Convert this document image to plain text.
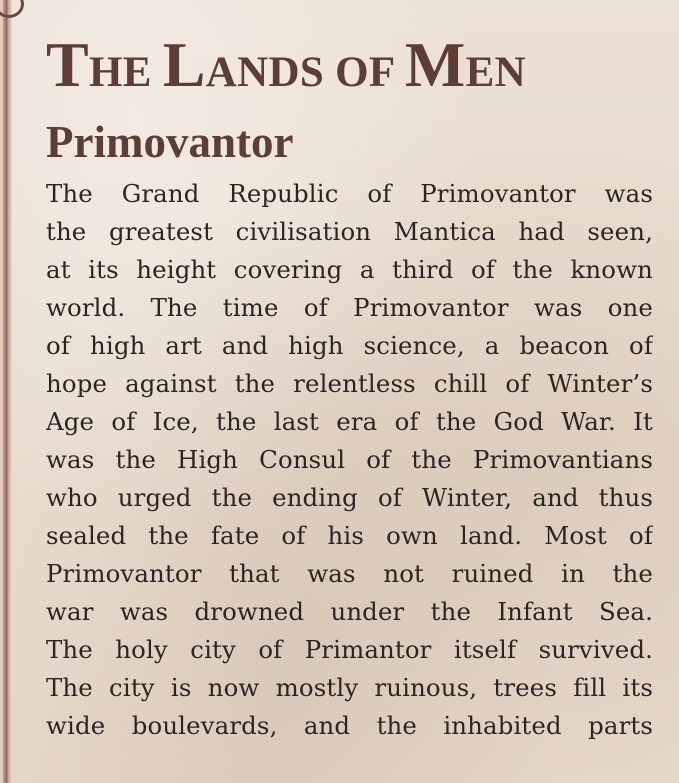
THE LANDS OF MEN
Primovantor
The Grand Republic of Primovantor was
the greatest civilisation Mantica had seen,
at its height covering a third of the known
world. The time of Primovantor was one
of high art and high science, a beacon of
hope against the relentless chill of Winter’s
Age of Ice, the last era of the God War. It
was the High Consul of the Primovantians
who urged the ending of Winter, and thus
sealed the fate of his own land. Most of
Primovantor that was not ruined in the
war was drowned under the Infant Sea.
The holy city of Primantor itself survived.
The city is now mostly ruinous, trees fill its
wide boulevards, and the inhabited parts
